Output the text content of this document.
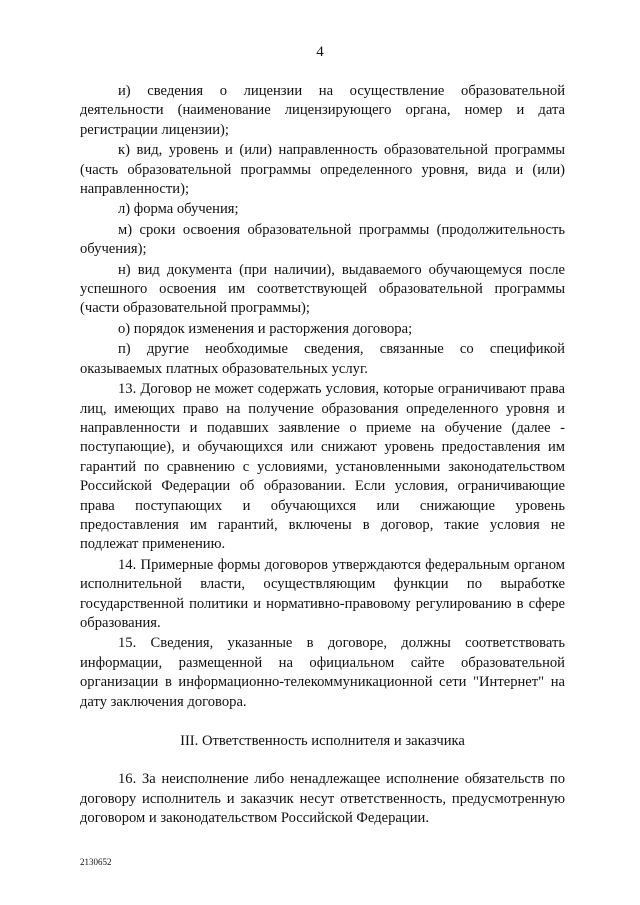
4

и) сведения о лицензии на осуществление образовательной деятельности (наименование лицензирующего органа, номер и дата регистрации лицензии);

к) вид, уровень и (или) направленность образовательной программы (часть образовательной программы определенного уровня, вида и (или) направленности);

л) форма обучения;

м) сроки освоения образовательной программы (продолжительность обучения);

н) вид документа (при наличии), выдаваемого обучающемуся после успешного освоения им соответствующей образовательной программы (части образовательной программы);

о) порядок изменения и расторжения договора;

п) другие необходимые сведения, связанные со спецификой оказываемых платных образовательных услуг.

13. Договор не может содержать условия, которые ограничивают права лиц, имеющих право на получение образования определенного уровня и направленности и подавших заявление о приеме на обучение (далее - поступающие), и обучающихся или снижают уровень предоставления им гарантий по сравнению с условиями, установленными законодательством Российской Федерации об образовании. Если условия, ограничивающие права поступающих и обучающихся или снижающие уровень предоставления им гарантий, включены в договор, такие условия не подлежат применению.

14. Примерные формы договоров утверждаются федеральным органом исполнительной власти, осуществляющим функции по выработке государственной политики и нормативно-правовому регулированию в сфере образования.

15. Сведения, указанные в договоре, должны соответствовать информации, размещенной на официальном сайте образовательной организации в информационно-телекоммуникационной сети "Интернет" на дату заключения договора.

III. Ответственность исполнителя и заказчика

16. За неисполнение либо ненадлежащее исполнение обязательств по договору исполнитель и заказчик несут ответственность, предусмотренную договором и законодательством Российской Федерации.

2130652
